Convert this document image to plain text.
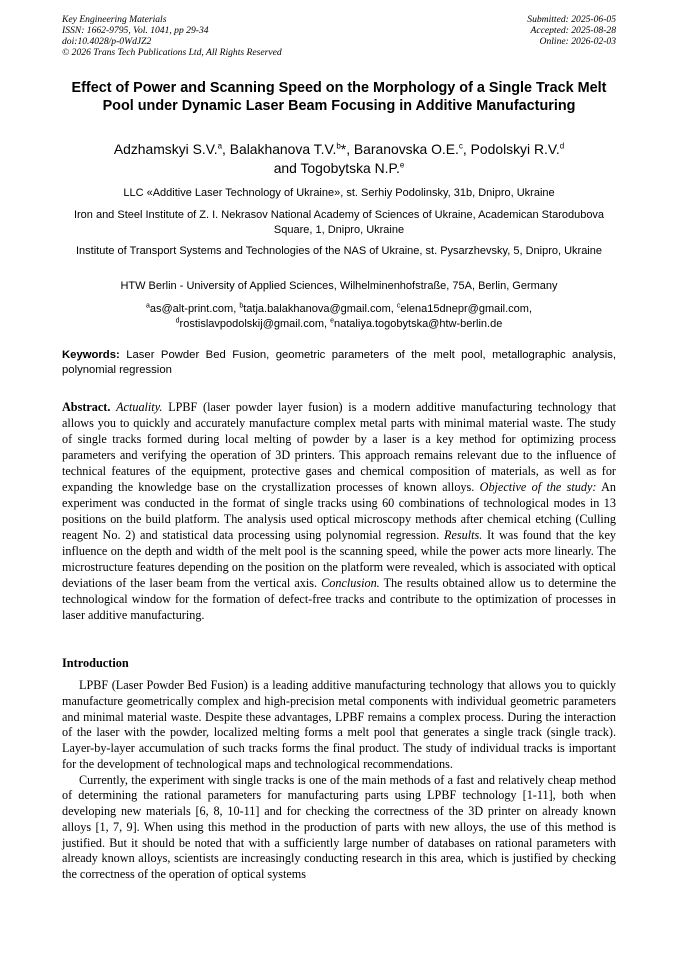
Key Engineering Materials
ISSN: 1662-9795, Vol. 1041, pp 29-34
doi:10.4028/p-0WdJZ2
© 2026 Trans Tech Publications Ltd, All Rights Reserved
Submitted: 2025-06-05
Accepted: 2025-08-28
Online: 2026-02-03
Effect of Power and Scanning Speed on the Morphology of a Single Track Melt Pool under Dynamic Laser Beam Focusing in Additive Manufacturing
Adzhamskyi S.V.$^a$, Balakhanova T.V.$^b$*, Baranovska O.E.$^c$, Podolskyi R.V.$^d$
and Togobytska N.P.$^e$
LLC «Additive Laser Technology of Ukraine», st. Serhiy Podolinsky, 31b, Dnipro, Ukraine
Iron and Steel Institute of Z. I. Nekrasov National Academy of Sciences of Ukraine, Academican Starodubova Square, 1, Dnipro, Ukraine
Institute of Transport Systems and Technologies of the NAS of Ukraine, st. Pysarzhevsky, 5, Dnipro, Ukraine
HTW Berlin - University of Applied Sciences, Wilhelminenhofstraße, 75A, Berlin, Germany
$^a$as@alt-print.com, $^b$tatja.balakhanova@gmail.com, $^c$elena15dnepr@gmail.com,
$^d$rostislavpodolskij@gmail.com, $^e$nataliya.togobytska@htw-berlin.de
Keywords: Laser Powder Bed Fusion, geometric parameters of the melt pool, metallographic analysis, polynomial regression
Abstract. Actuality. LPBF (laser powder layer fusion) is a modern additive manufacturing technology that allows you to quickly and accurately manufacture complex metal parts with minimal material waste. The study of single tracks formed during local melting of powder by a laser is a key method for optimizing process parameters and verifying the operation of 3D printers. This approach remains relevant due to the influence of technical features of the equipment, protective gases and chemical composition of materials, as well as for expanding the knowledge base on the crystallization processes of known alloys. Objective of the study: An experiment was conducted in the format of single tracks using 60 combinations of technological modes in 13 positions on the build platform. The analysis used optical microscopy methods after chemical etching (Culling reagent No. 2) and statistical data processing using polynomial regression. Results. It was found that the key influence on the depth and width of the melt pool is the scanning speed, while the power acts more linearly. The microstructure features depending on the position on the platform were revealed, which is associated with optical deviations of the laser beam from the vertical axis. Conclusion. The results obtained allow us to determine the technological window for the formation of defect-free tracks and contribute to the optimization of processes in laser additive manufacturing.
Introduction

LPBF (Laser Powder Bed Fusion) is a leading additive manufacturing technology that allows you to quickly manufacture geometrically complex and high-precision metal components with individual geometric parameters and minimal material waste. Despite these advantages, LPBF remains a complex process. During the interaction of the laser with the powder, localized melting forms a melt pool that generates a single track (single track). Layer-by-layer accumulation of such tracks forms the final product. The study of individual tracks is important for the development of technological maps and technological recommendations.

Currently, the experiment with single tracks is one of the main methods of a fast and relatively cheap method of determining the rational parameters for manufacturing parts using LPBF technology [1-11], both when developing new materials [6, 8, 10-11] and for checking the correctness of the 3D printer on already known alloys [1, 7, 9]. When using this method in the production of parts with new alloys, the use of this method is justified. But it should be noted that with a sufficiently large number of databases on rational parameters with already known alloys, scientists are increasingly conducting research in this area, which is justified by checking the correctness of the operation of optical systems
